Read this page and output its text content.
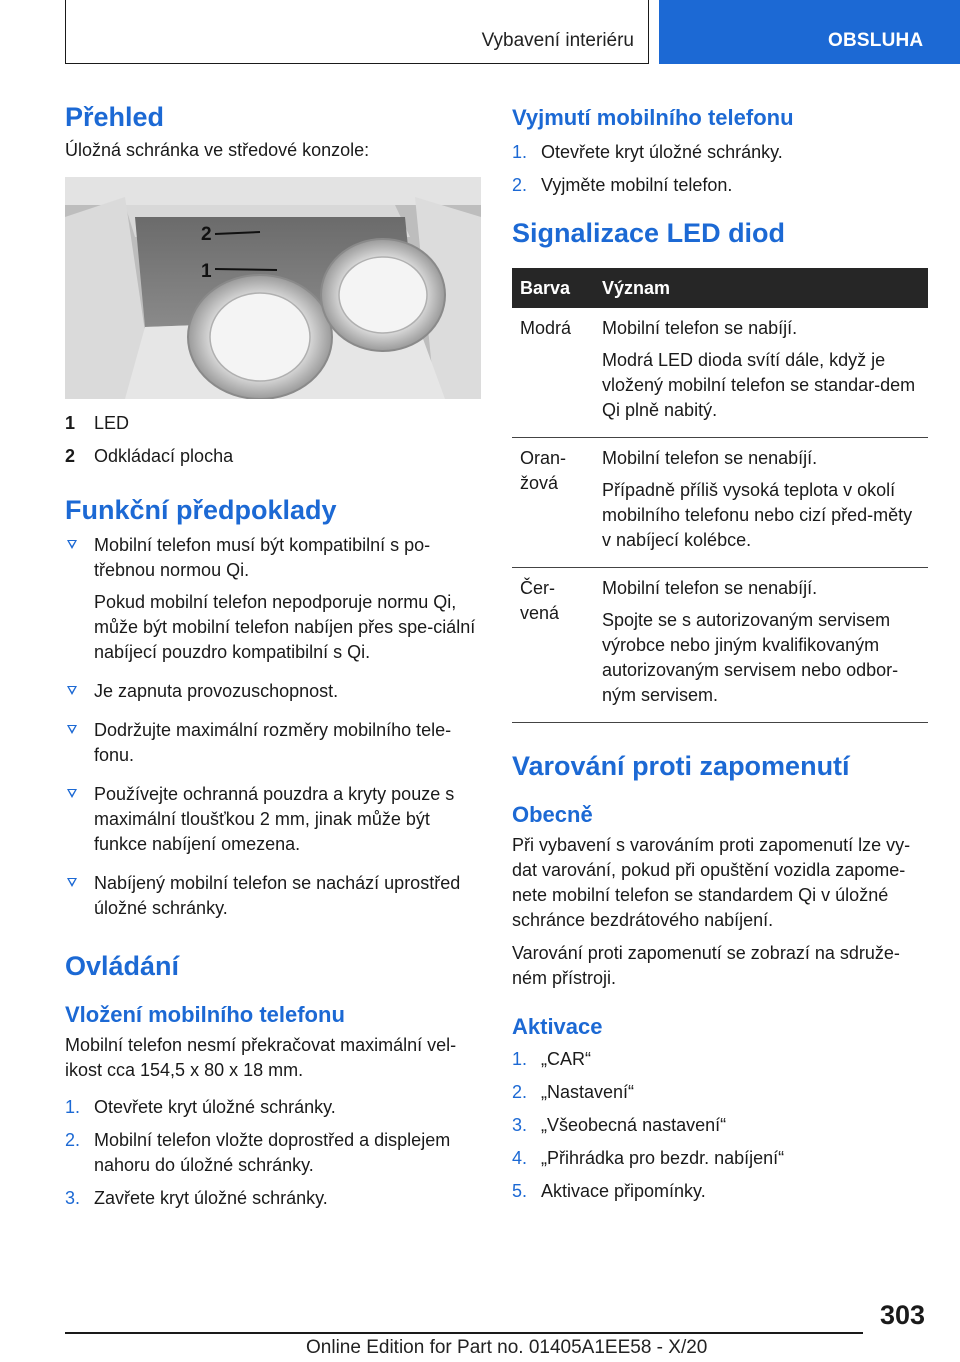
Vybavení interiéru	OBSLUHA
Přehled

Úložná schránka ve středové konzole:

2
1
1 LED
2 Odkládací plocha
Funkční předpoklady

Mobilní telefon musí být kompatibilní s po- třebnou normou Qi.

Pokud mobilní telefon nepodporuje normu Qi, může být mobilní telefon nabíjen přes spe-ciální nabíjecí pouzdro kompatibilní s Qi.

Je zapnuta provozuschopnost.

Dodržujte maximální rozměry mobilního tele-fonu.

Používejte ochranná pouzdra a kryty pouze s maximální tloušťkou 2 mm, jinak může být funkce nabíjení omezena.

Nabíjený mobilní telefon se nachází uprostřed úložné schránky.

Ovládání
Vložení mobilního telefonu

Mobilní telefon nesmí překračovat maximální vel-ikost cca 154,5 x 80 x 18 mm.

1. Otevřete kryt úložné schránky.
2. Mobilní telefon vložte doprostřed a displejem nahoru do úložné schránky.
3. Zavřete kryt úložné schránky.
Vyjmutí mobilního telefonu
1. Otevřete kryt úložné schránky.
2. Vyjměte mobilní telefon.
Signalizace LED diod
Barva	Význam
Modrá	Mobilní telefon se nabíjí.

Modrá LED dioda svítí dále, když je vložený mobilní telefon se standar-dem Qi plně nabitý.

Oran-žová	Mobilní telefon se nenabíjí.

Případně příliš vysoká teplota v okolí mobilního telefonu nebo cizí před-měty v nabíjecí kolébce.

Čer-vená	Mobilní telefon se nenabíjí.

Spojte se s autorizovaným servisem výrobce nebo jiným kvalifikovaným autorizovaným servisem nebo odbor-ným servisem.

Varování proti zapomenutí
Obecně

Při vybavení s varováním proti zapomenutí lze vy-dat varování, pokud při opuštění vozidla zapome-nete mobilní telefon se standardem Qi v úložné schránce bezdrátového nabíjení.

Varování proti zapomenutí se zobrazí na sdruže-ném přístroji.

Aktivace
1. „CAR“
2. „Nastavení“
3. „Všeobecná nastavení“
4. „Přihrádka pro bezdr. nabíjení“
5. Aktivace připomínky.
303
Online Edition for Part no. 01405A1EE58 - X/20
